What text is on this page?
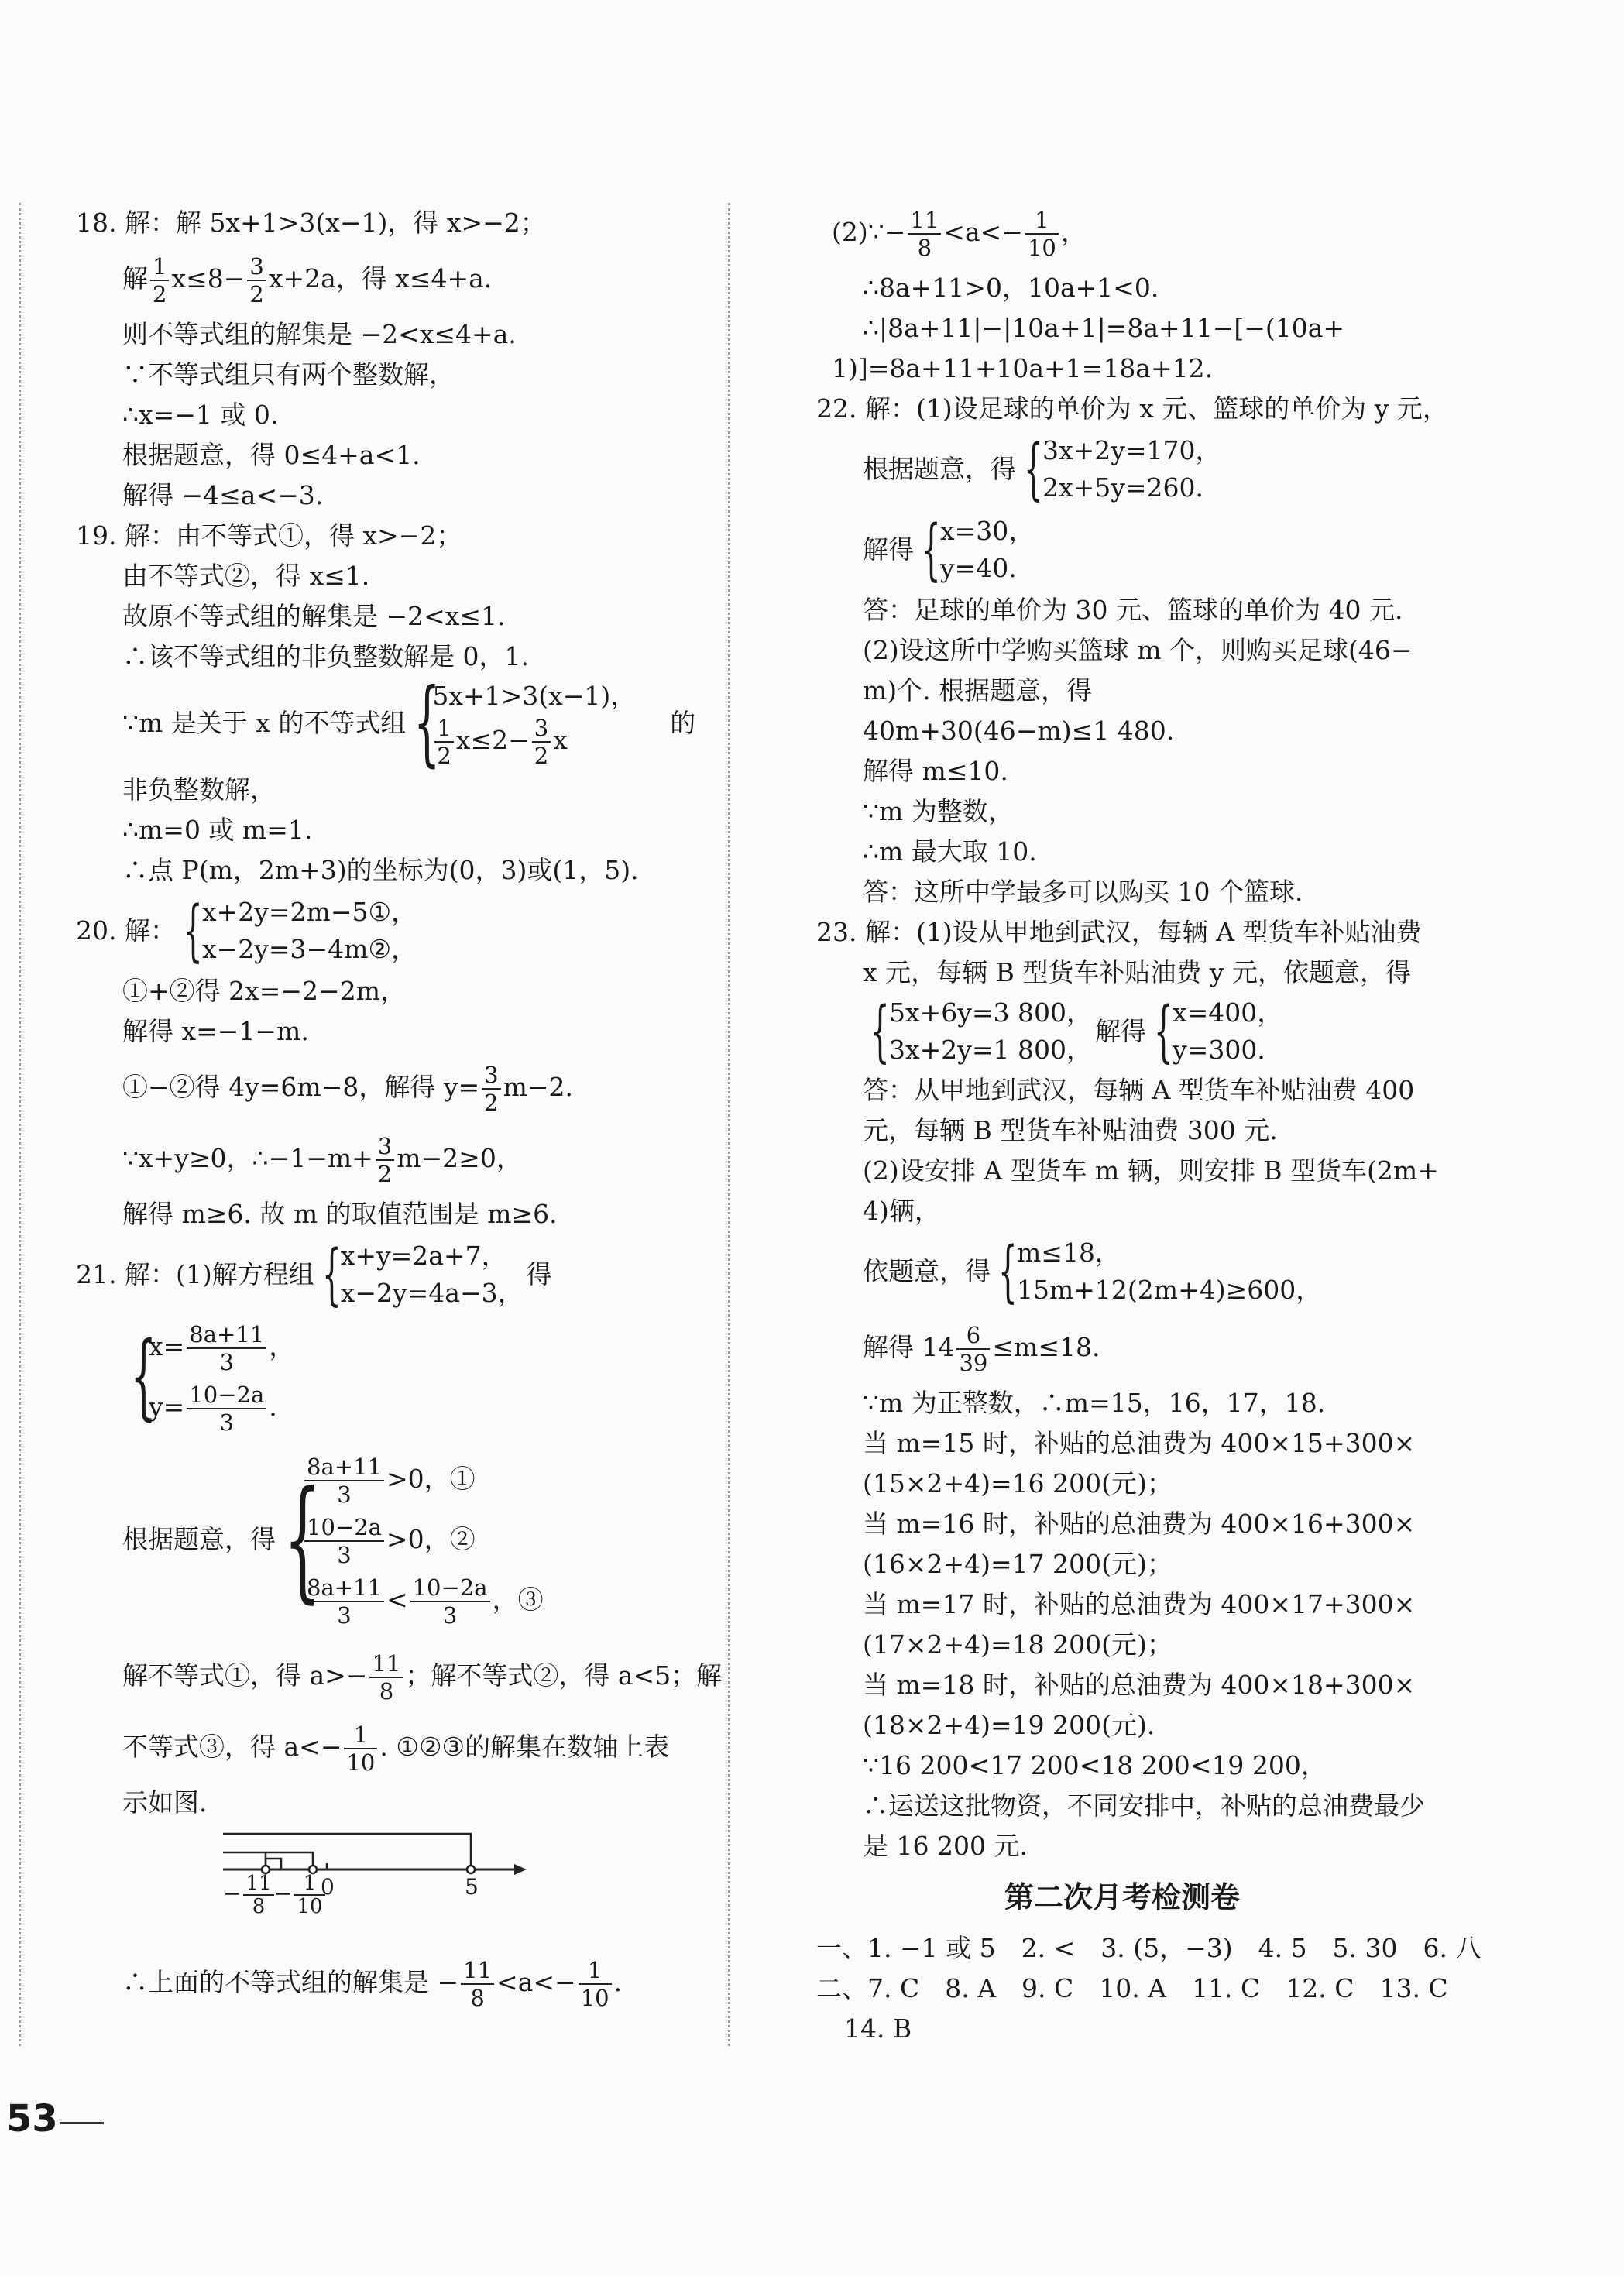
18. 解：解 5x+1>3(x−1)，得 x>−2；
解 $\frac{1}{2} x\le 8- \frac{3}{2} x+2a$，得 x≤4+a.
则不等式组的解集是 −2<x≤4+a.
∵不等式组只有两个整数解，
∴x=−1 或 0.
根据题意，得 0≤4+a<1.
解得 −4≤a<−3.
19. 解：由不等式①，得 x>−2；
由不等式②，得 x≤1.
故原不等式组的解集是 −2<x≤1.
∴该不等式组的非负整数解是 0，1.
∵m 是关于 x 的不等式组 {
5x+1>3(x−1)，
$\frac{1}{2} x\le 2- \frac{3}{2}$ x
的
非负整数解，
∴m=0 或 m=1.
∴点 P(m，2m+3)的坐标为(0，3)或(1，5).
20. 解： { x+2y=2m−5①，
x−2y=3−4m②，
①+②得 2x=−2−2m，
解得 x=−1−m.
①−②得 4y=6m−8，解得 $y= \frac{3}{2} m-2$.
∵x+y≥0，∴−1−m+ $\frac{3}{2} m-2\ge 0$，
解得 m≥6. 故 m 的取值范围是 m≥6.
21. 解：(1)解方程组 { x+y=2a+7，
x−2y=4a−3，
得
{
$x= \frac{8a+11}{3}$ ，
$y= \frac{10-2a}{3}$ .
根据题意，得 {
$\frac{8a+11}{3} >0$，①
$\frac{10-2a}{3} >0$，②
$\frac{8a+11}{3} < \frac{10-2a}{3}$ ，③
解不等式①，得 $a>- \frac{11}{8}$ ；解不等式②，得 a<5；解
不等式③，得 $a<- \frac{1}{10}$ . ①②③的解集在数轴上表
示如图.
− $\frac{11}{8} - \frac{1}{10}$
0	5
∴上面的不等式组的解集是 − $\frac{11}{8} <a<- \frac{1}{10}$ .
(2)∵− $\frac{11}{8} <a<- \frac{1}{10}$ ，
∴8a+11>0，10a+1<0.
∴|8a+11|−|10a+1|=8a+11−[−(10a+
1)]=8a+11+10a+1=18a+12.
22. 解：(1)设足球的单价为 x 元、篮球的单价为 y 元，
根据题意，得 { 3x+2y=170，
2x+5y=260.
解得 { x=30，
y=40.
答：足球的单价为 30 元、篮球的单价为 40 元.
(2)设这所中学购买篮球 m 个，则购买足球(46−
m)个. 根据题意，得
40m+30(46−m)≤1 480.
解得 m≤10.
∵m 为整数，
∴m 最大取 10.
答：这所中学最多可以购买 10 个篮球.
23. 解：(1)设从甲地到武汉，每辆 A 型货车补贴油费
x 元，每辆 B 型货车补贴油费 y 元，依题意，得
{ 5x+6y=3 800，
3x+2y=1 800，
解得 { x=400，
y=300.
答：从甲地到武汉，每辆 A 型货车补贴油费 400
元，每辆 B 型货车补贴油费 300 元.
(2)设安排 A 型货车 m 辆，则安排 B 型货车(2m+
4)辆，
依题意，得 { m≤18，
15m+12(2m+4)≥600，
解得 $14 \frac{6}{39} \le m\le 18$.
∵m 为正整数，∴m=15，16，17，18.
当 m=15 时，补贴的总油费为 400×15+300×
(15×2+4)=16 200(元)；
当 m=16 时，补贴的总油费为 400×16+300×
(16×2+4)=17 200(元)；
当 m=17 时，补贴的总油费为 400×17+300×
(17×2+4)=18 200(元)；
当 m=18 时，补贴的总油费为 400×18+300×
(18×2+4)=19 200(元).
∵16 200<17 200<18 200<19 200，
∴运送这批物资，不同安排中，补贴的总油费最少
是 16 200 元.
第二次月考检测卷
一、1. −1 或 5　2. <　3. (5，−3)　4. 5　5. 30　6. 八
二、7. C　8. A　9. C　10. A　11. C　12. C　13. C
14. B
53
